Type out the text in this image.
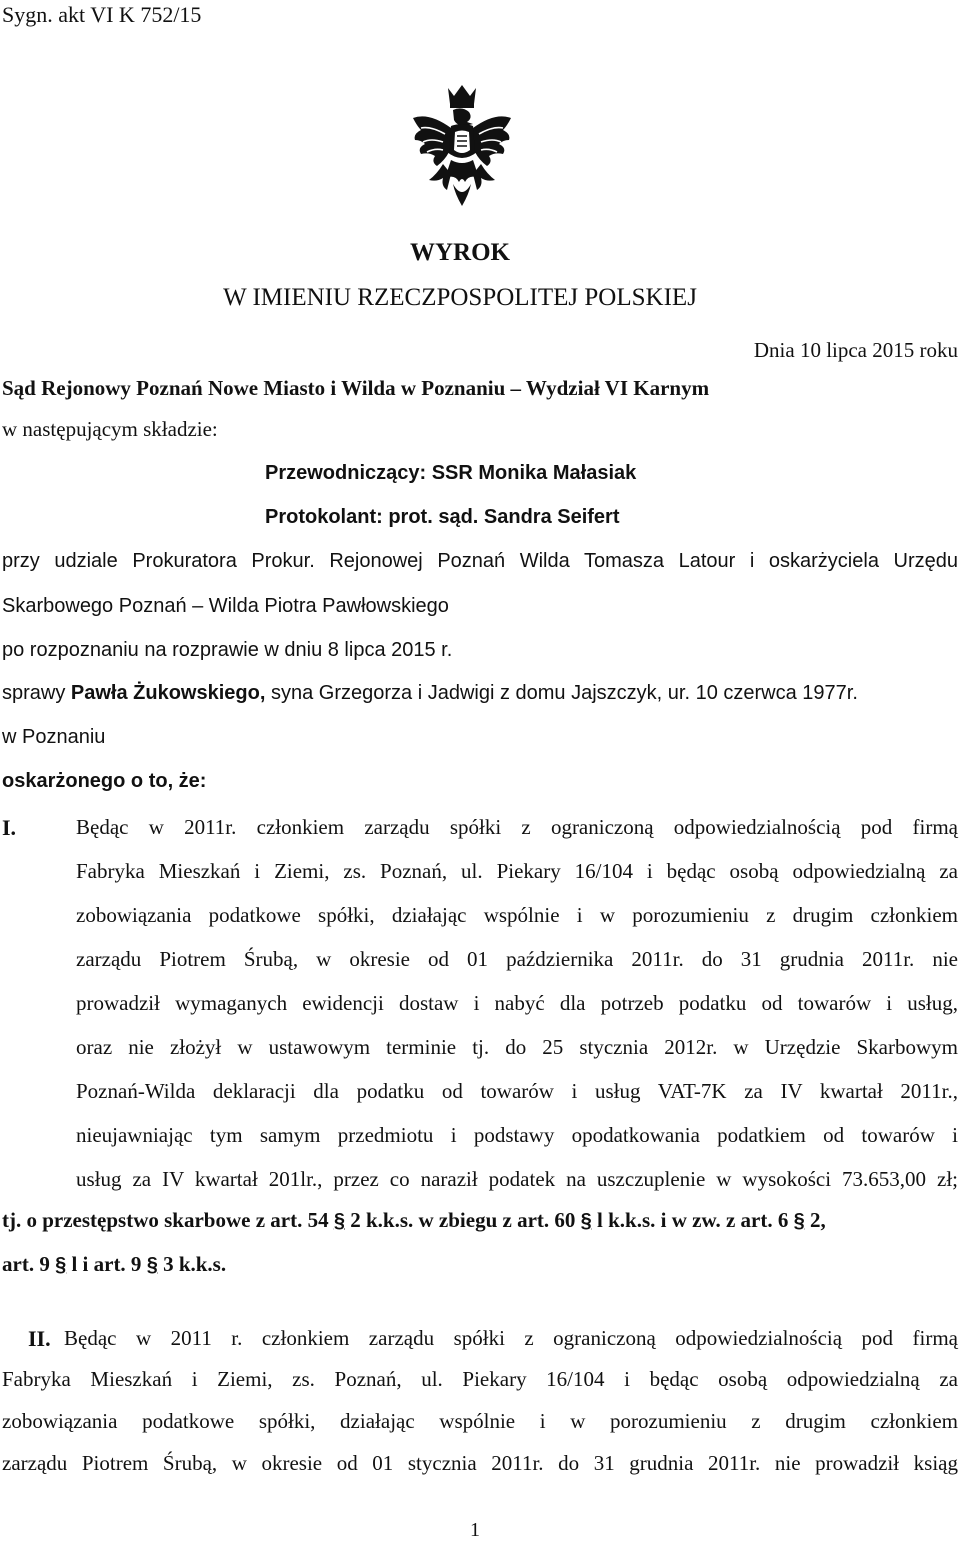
Sygn. akt VI K 752/15
WYROK
W IMIENIU RZECZPOSPOLITEJ POLSKIEJ
Dnia 10 lipca 2015 roku
Sąd Rejonowy Poznań Nowe Miasto i Wilda w Poznaniu – Wydział VI Karnym
w następującym składzie:
Przewodniczący: SSR Monika Małasiak
Protokolant: prot. sąd. Sandra Seifert
przy udziale Prokuratora Prokur. Rejonowej Poznań Wilda Tomasza Latour i oskarżyciela Urzędu
Skarbowego Poznań – Wilda Piotra Pawłowskiego
po rozpoznaniu na rozprawie w dniu 8 lipca 2015 r.
sprawy Pawła Żukowskiego, syna Grzegorza i Jadwigi z domu Jajszczyk, ur. 10 czerwca 1977r.
w Poznaniu
oskarżonego o to, że:
I.	Będąc w 2011r. członkiem zarządu spółki z ograniczoną odpowiedzialnością pod firmą
Fabryka Mieszkań i Ziemi, zs. Poznań, ul. Piekary 16/104 i będąc osobą odpowiedzialną za
zobowiązania podatkowe spółki, działając wspólnie i w porozumieniu z drugim członkiem
zarządu Piotrem Śrubą, w okresie od 01 października 2011r. do 31 grudnia 2011r. nie
prowadził wymaganych ewidencji dostaw i nabyć dla potrzeb podatku od towarów i usług,
oraz nie złożył w ustawowym terminie tj. do 25 stycznia 2012r. w Urzędzie Skarbowym
Poznań-Wilda deklaracji dla podatku od towarów i usług VAT-7K za IV kwartał 2011r.,
nieujawniając tym samym przedmiotu i podstawy opodatkowania podatkiem od towarów i
usług za IV kwartał 201lr., przez co naraził podatek na uszczuplenie w wysokości 73.653,00 zł;
tj. o przestępstwo skarbowe z art. 54 § 2 k.k.s. w zbiegu z art. 60 § l k.k.s. i w zw. z art. 6 § 2,
art. 9 § l i art. 9 § 3 k.k.s.
II. Będąc w 2011 r. członkiem zarządu spółki z ograniczoną odpowiedzialnością pod firmą
Fabryka Mieszkań i Ziemi, zs. Poznań, ul. Piekary 16/104 i będąc osobą odpowiedzialną za
zobowiązania podatkowe spółki, działając wspólnie i w porozumieniu z drugim członkiem
zarządu Piotrem Śrubą, w okresie od 01 stycznia 2011r. do 31 grudnia 2011r. nie prowadził ksiąg
1
